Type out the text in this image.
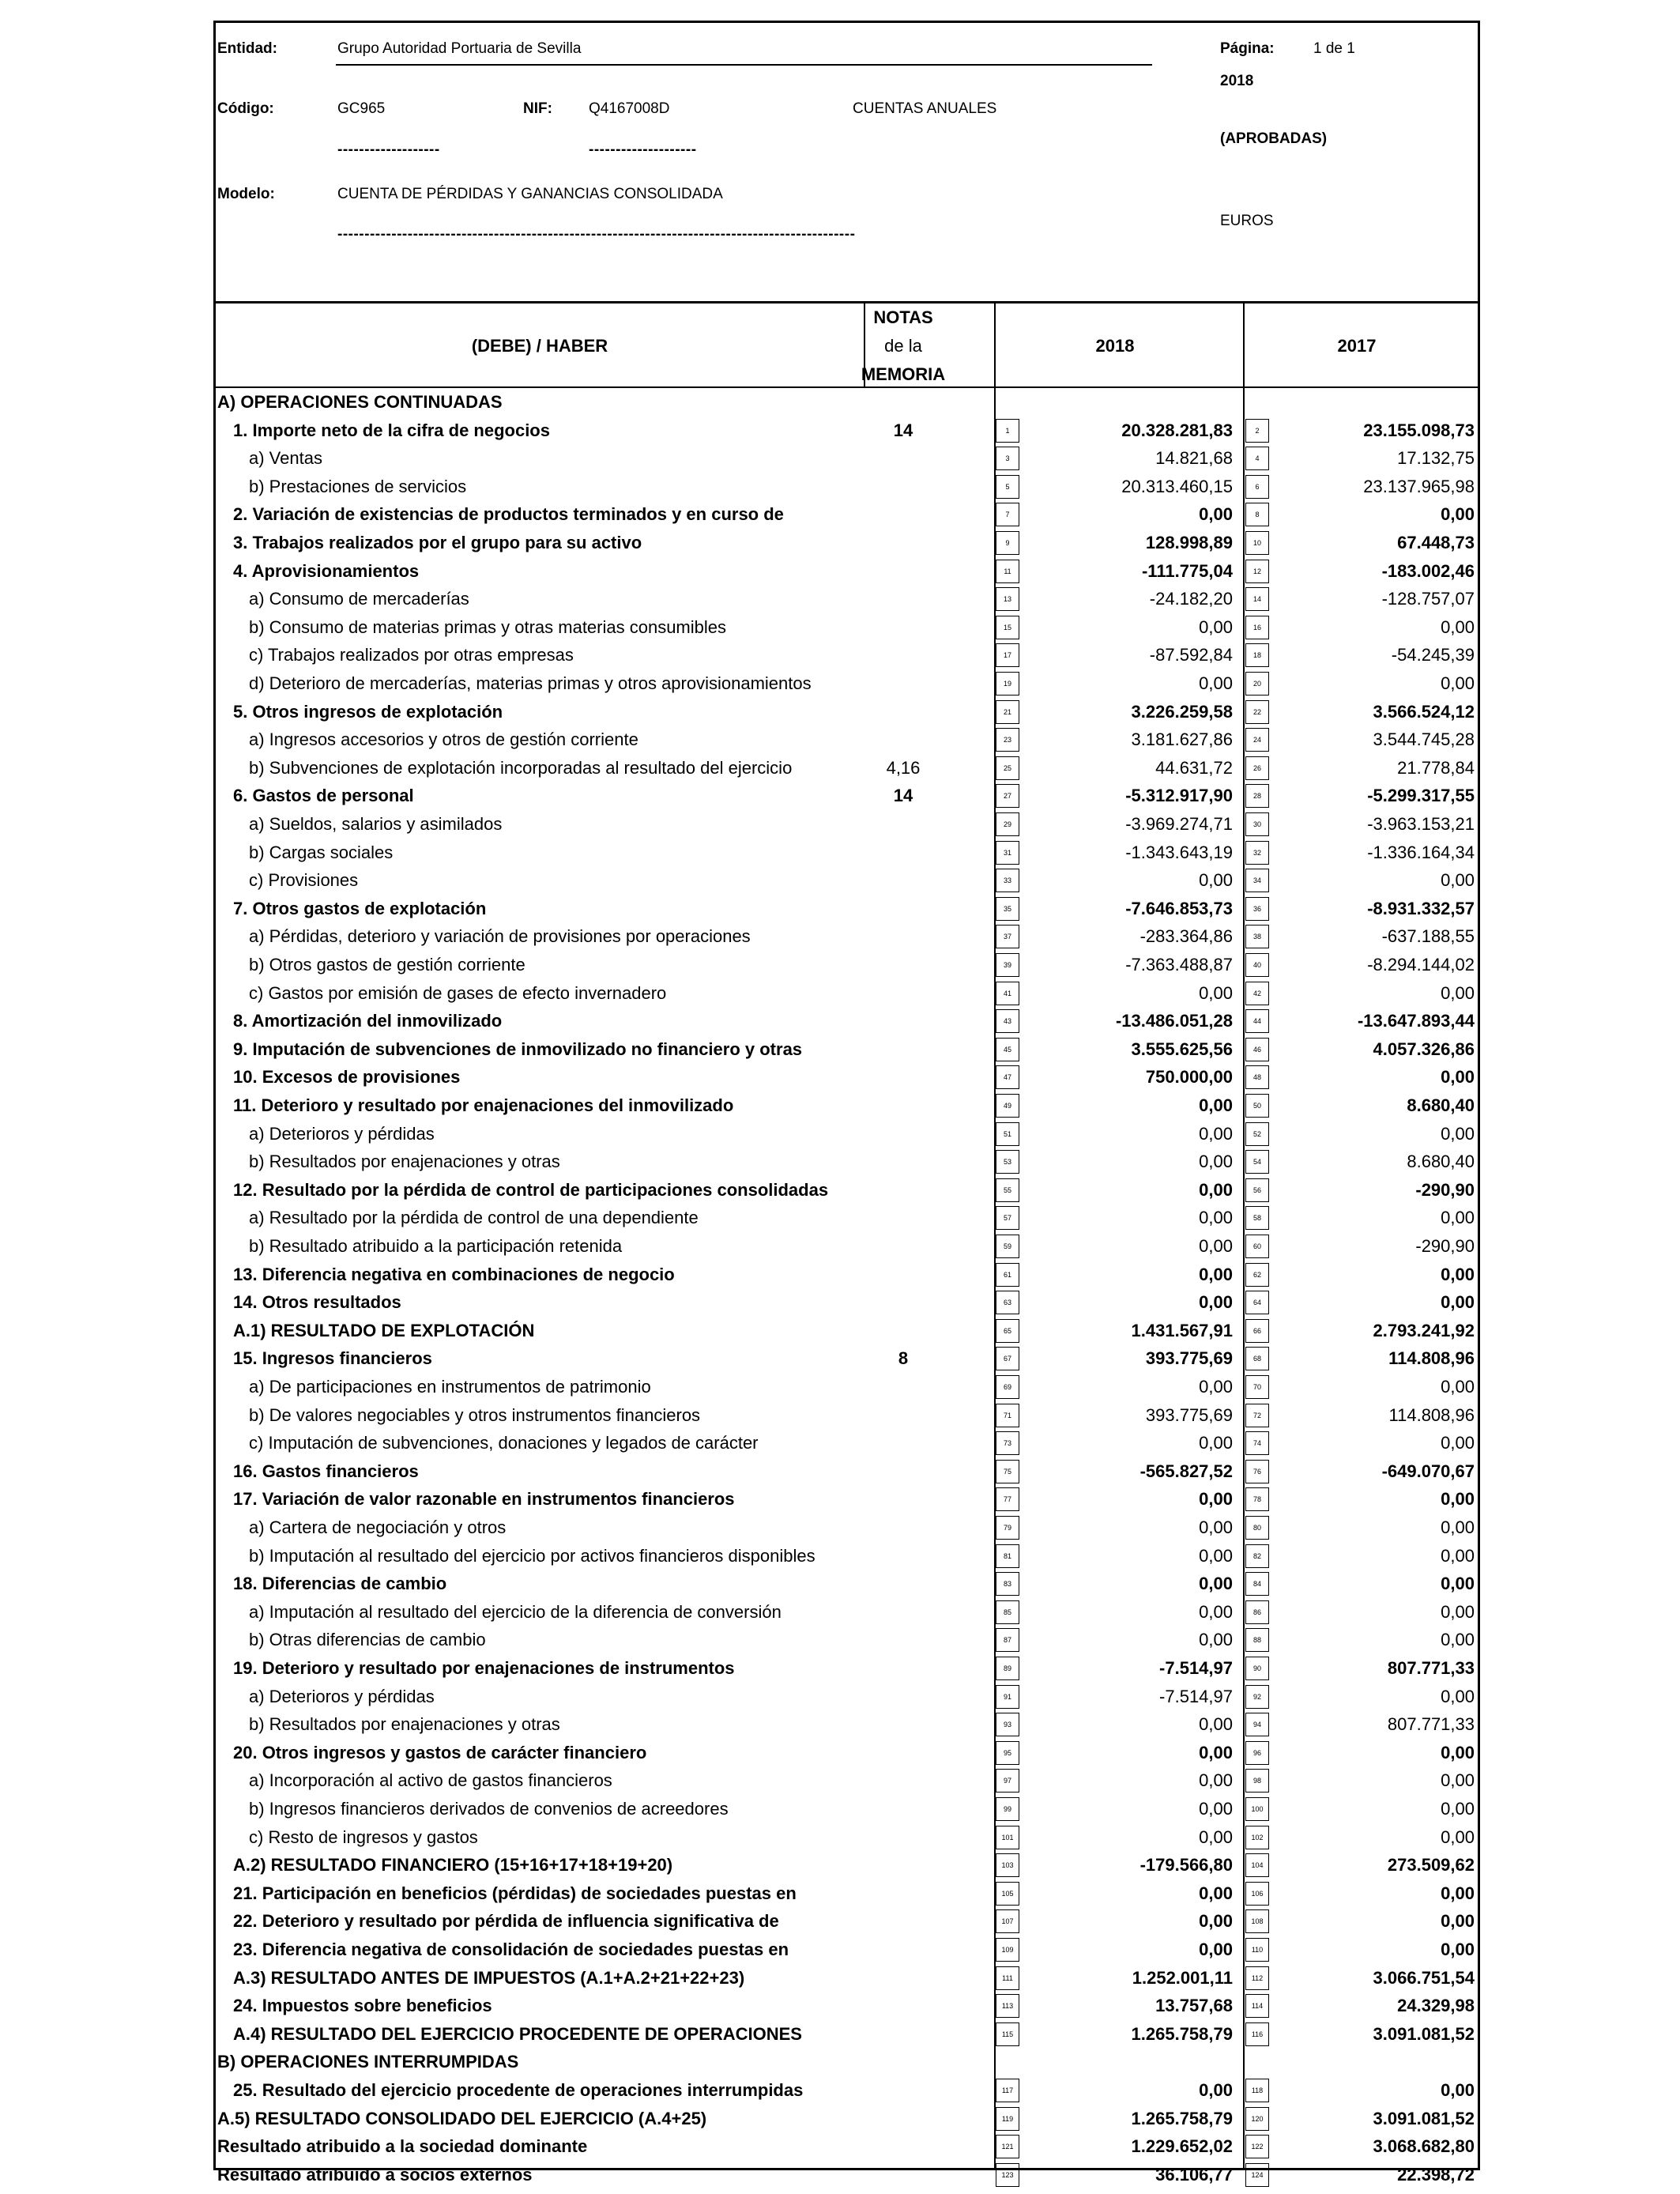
Entidad:	Grupo Autoridad Portuaria de Sevilla	Página:	1 de 1
2018
Código:	GC965	NIF: Q4167008D	CUENTAS ANUALES
(APROBADAS)
-------------------	--------------------
Modelo:	CUENTA DE PÉRDIDAS Y GANANCIAS CONSOLIDADA
------------------------------------------------------------------------------------------------
EUROS
(DEBE) / HABER
NOTAS
de la
MEMORIA
2018	2017
A) OPERACIONES CONTINUADAS
1. Importe neto de la cifra de negocios	14	1	20.328.281,83	2	23.155.098,73
a) Ventas	3	14.821,68	4	17.132,75
b) Prestaciones de servicios	5	20.313.460,15	6	23.137.965,98
2. Variación de existencias de productos terminados y en curso de	7	0,00	8	0,00
3. Trabajos realizados por el grupo para su activo	9	128.998,89	10	67.448,73
4. Aprovisionamientos	11	-111.775,04	12	-183.002,46
a) Consumo de mercaderías	13	-24.182,20	14	-128.757,07
b) Consumo de materias primas y otras materias consumibles	15	0,00	16	0,00
c) Trabajos realizados por otras empresas	17	-87.592,84	18	-54.245,39
d) Deterioro de mercaderías, materias primas y otros aprovisionamientos	19	0,00	20	0,00
5. Otros ingresos de explotación	21	3.226.259,58	22	3.566.524,12
a) Ingresos accesorios y otros de gestión corriente	23	3.181.627,86	24	3.544.745,28
b) Subvenciones de explotación incorporadas al resultado del ejercicio	4,16	25	44.631,72	26	21.778,84
6. Gastos de personal	14	27	-5.312.917,90	28	-5.299.317,55
a) Sueldos, salarios y asimilados	29	-3.969.274,71	30	-3.963.153,21
b) Cargas sociales	31	-1.343.643,19	32	-1.336.164,34
c) Provisiones	33	0,00	34	0,00
7. Otros gastos de explotación	35	-7.646.853,73	36	-8.931.332,57
a) Pérdidas, deterioro y variación de provisiones por operaciones	37	-283.364,86	38	-637.188,55
b) Otros gastos de gestión corriente	39	-7.363.488,87	40	-8.294.144,02
c) Gastos por emisión de gases de efecto invernadero	41	0,00	42	0,00
8. Amortización del inmovilizado	43	-13.486.051,28	44	-13.647.893,44
9. Imputación de subvenciones de inmovilizado no financiero y otras	45	3.555.625,56	46	4.057.326,86
10. Excesos de provisiones	47	750.000,00	48	0,00
11. Deterioro y resultado por enajenaciones del inmovilizado	49	0,00	50	8.680,40
a) Deterioros y pérdidas	51	0,00	52	0,00
b) Resultados por enajenaciones y otras	53	0,00	54	8.680,40
12. Resultado por la pérdida de control de participaciones consolidadas	55	0,00	56	-290,90
a) Resultado por la pérdida de control de una dependiente	57	0,00	58	0,00
b) Resultado atribuido a la participación retenida	59	0,00	60	-290,90
13. Diferencia negativa en combinaciones de negocio	61	0,00	62	0,00
14. Otros resultados	63	0,00	64	0,00
A.1) RESULTADO DE EXPLOTACIÓN	65	1.431.567,91	66	2.793.241,92
15. Ingresos financieros	8	67	393.775,69	68	114.808,96
a) De participaciones en instrumentos de patrimonio	69	0,00	70	0,00
b) De valores negociables y otros instrumentos financieros	71	393.775,69	72	114.808,96
c) Imputación de subvenciones, donaciones y legados de carácter	73	0,00	74	0,00
16. Gastos financieros	75	-565.827,52	76	-649.070,67
17. Variación de valor razonable en instrumentos financieros	77	0,00	78	0,00
a) Cartera de negociación y otros	79	0,00	80	0,00
b) Imputación al resultado del ejercicio por activos financieros disponibles	81	0,00	82	0,00
18. Diferencias de cambio	83	0,00	84	0,00
a) Imputación al resultado del ejercicio de la diferencia de conversión	85	0,00	86	0,00
b) Otras diferencias de cambio	87	0,00	88	0,00
19. Deterioro y resultado por enajenaciones de instrumentos	89	-7.514,97	90	807.771,33
a) Deterioros y pérdidas	91	-7.514,97	92	0,00
b) Resultados por enajenaciones y otras	93	0,00	94	807.771,33
20. Otros ingresos y gastos de carácter financiero	95	0,00	96	0,00
a) Incorporación al activo de gastos financieros	97	0,00	98	0,00
b) Ingresos financieros derivados de convenios de acreedores	99	0,00	100	0,00
c) Resto de ingresos y gastos	101	0,00	102	0,00
A.2) RESULTADO FINANCIERO (15+16+17+18+19+20)	103	-179.566,80	104	273.509,62
21. Participación en beneficios (pérdidas) de sociedades puestas en	105	0,00	106	0,00
22. Deterioro y resultado por pérdida de influencia significativa de	107	0,00	108	0,00
23. Diferencia negativa de consolidación de sociedades puestas en	109	0,00	110	0,00
A.3) RESULTADO ANTES DE IMPUESTOS (A.1+A.2+21+22+23)	111	1.252.001,11	112	3.066.751,54
24. Impuestos sobre beneficios	113	13.757,68	114	24.329,98
A.4) RESULTADO DEL EJERCICIO PROCEDENTE DE OPERACIONES	115	1.265.758,79	116	3.091.081,52
B) OPERACIONES INTERRUMPIDAS
25. Resultado del ejercicio procedente de operaciones interrumpidas	117	0,00	118	0,00
A.5) RESULTADO CONSOLIDADO DEL EJERCICIO (A.4+25)	119	1.265.758,79	120	3.091.081,52
Resultado atribuido a la sociedad dominante	121	1.229.652,02	122	3.068.682,80
Resultado atribuido a socios externos	123	36.106,77	124	22.398,72
